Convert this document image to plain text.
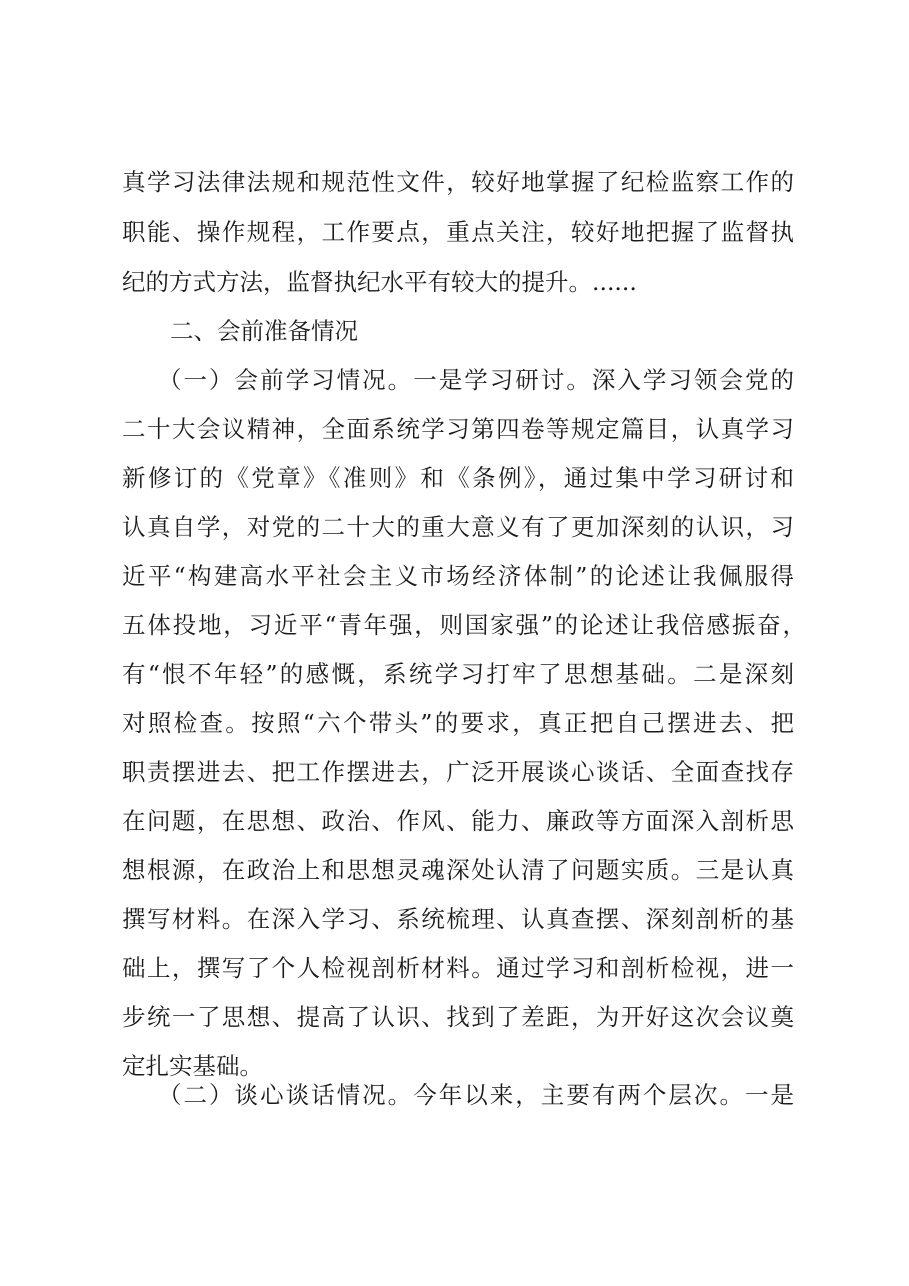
真学习法律法规和规范性文件，较好地掌握了纪检监察工作的
职能、操作规程，工作要点，重点关注，较好地把握了监督执
纪的方式方法，监督执纪水平有较大的提升。......
二、会前准备情况
（一）会前学习情况。一是学习研讨。深入学习领会党的
二十大会议精神，全面系统学习第四卷等规定篇目，认真学习
新修订的《党章》《准则》和《条例》，通过集中学习研讨和
认真自学，对党的二十大的重大意义有了更加深刻的认识，习
近平“构建高水平社会主义市场经济体制”的论述让我佩服得
五体投地，习近平“青年强，则国家强”的论述让我倍感振奋，
有“恨不年轻”的感慨，系统学习打牢了思想基础。二是深刻
对照检查。按照“六个带头”的要求，真正把自己摆进去、把
职责摆进去、把工作摆进去，广泛开展谈心谈话、全面查找存
在问题，在思想、政治、作风、能力、廉政等方面深入剖析思
想根源，在政治上和思想灵魂深处认清了问题实质。三是认真
撰写材料。在深入学习、系统梳理、认真查摆、深刻剖析的基
础上，撰写了个人检视剖析材料。通过学习和剖析检视，进一
步统一了思想、提高了认识、找到了差距，为开好这次会议奠
定扎实基础。
（二）谈心谈话情况。今年以来，主要有两个层次。一是
